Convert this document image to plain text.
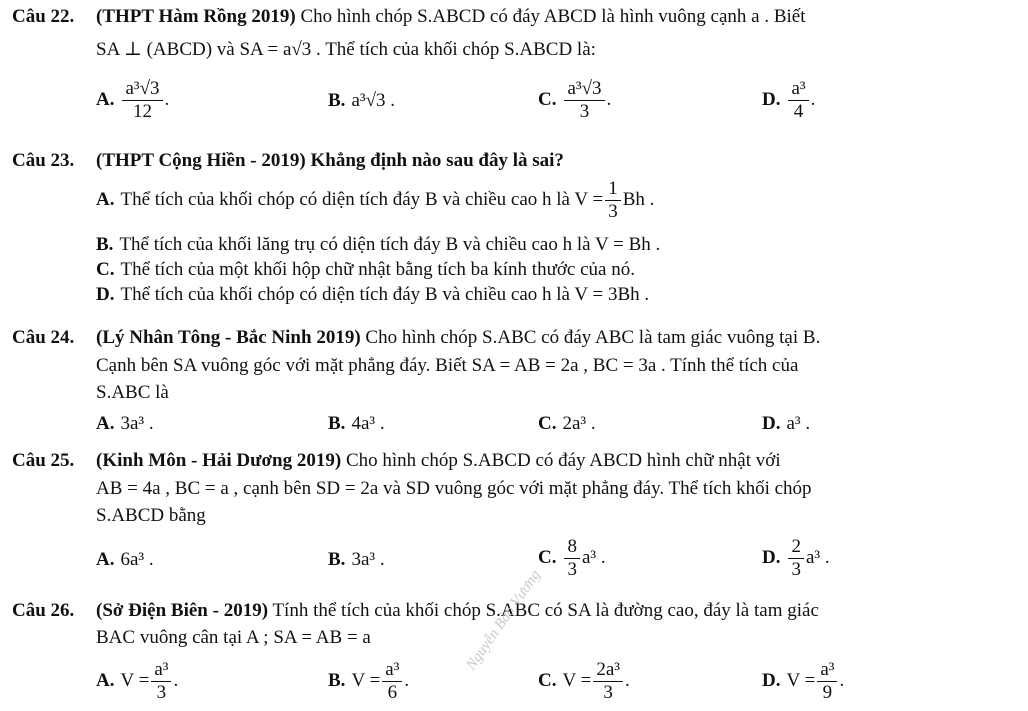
Câu 22. (THPT Hàm Rồng 2019) Cho hình chóp S.ABCD có đáy ABCD là hình vuông cạnh a . Biết
SA ⊥ (ABCD) và SA = a√3 . Thể tích của khối chóp S.ABCD là:
A. $\frac{\text{a³√3}}{12}$ .	B. a³√3 .	C. $\frac{\text{a³√3}}{3}$ .	D. $\frac{\text{a³}}{4}$ .
Câu 23. (THPT Cộng Hiền - 2019) Khẳng định nào sau đây là sai?
A. Thể tích của khối chóp có diện tích đáy B và chiều cao h là $V = \frac{1}{3}$ Bh .
B. Thể tích của khối lăng trụ có diện tích đáy B và chiều cao h là V = Bh .
C. Thể tích của một khối hộp chữ nhật bằng tích ba kính thước của nó.
D. Thể tích của khối chóp có diện tích đáy B và chiều cao h là V = 3Bh .
Câu 24. (Lý Nhân Tông - Bắc Ninh 2019) Cho hình chóp S.ABC có đáy ABC là tam giác vuông tại B.
Cạnh bên SA vuông góc với mặt phẳng đáy. Biết SA = AB = 2a , BC = 3a . Tính thể tích của
S.ABC là
A. 3a³ .	B. 4a³ .	C. 2a³ .	D. a³ .
Câu 25. (Kinh Môn - Hải Dương 2019) Cho hình chóp S.ABCD có đáy ABCD hình chữ nhật với
AB = 4a , BC = a , cạnh bên SD = 2a và SD vuông góc với mặt phẳng đáy. Thể tích khối chóp
S.ABCD bằng
A. 6a³ .	B. 3a³ .	C. $\frac{8}{3} a^3$ .	D. $\frac{2}{3} a^3$ .
Câu 26. (Sở Điện Biên - 2019) Tính thể tích của khối chóp S.ABC có SA là đường cao, đáy là tam giác
BAC vuông cân tại A ; SA = AB = a	Nguyễn Bảo Vương
A. $V = \frac{\text{a³}}{3}$ .	B. $V = \frac{\text{a³}}{6}$ .	C. $V = \frac{\text{2a³}}{3}$ .	D. $V = \frac{\text{a³}}{9}$ .
